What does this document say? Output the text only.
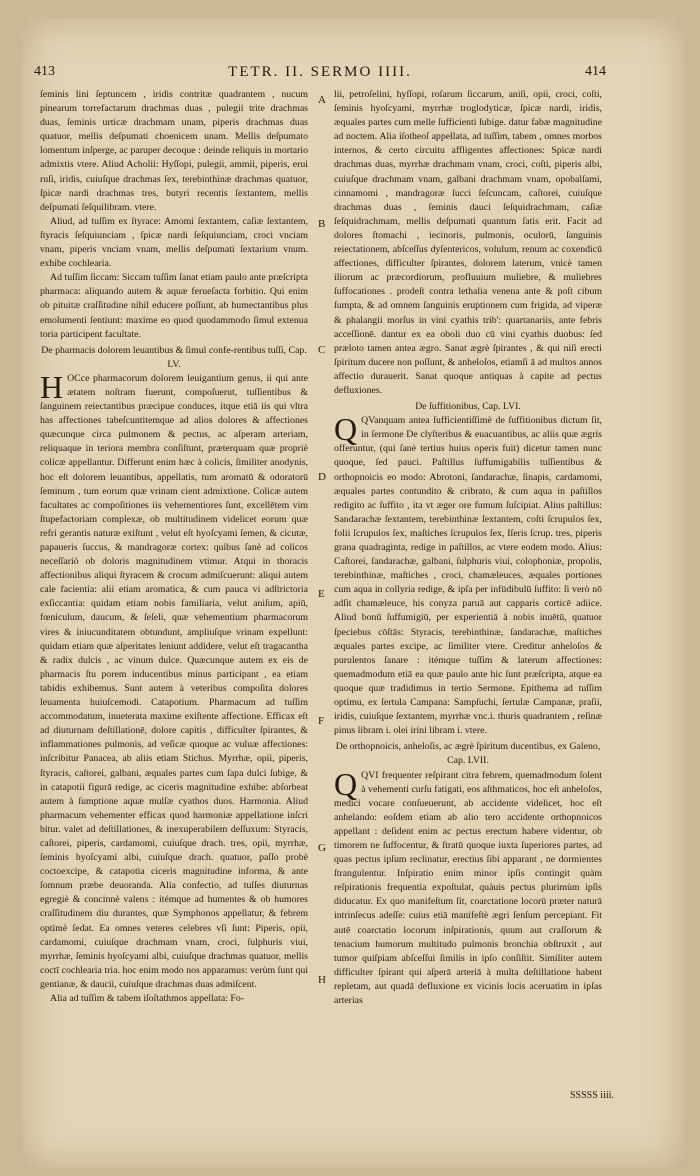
413	TETR. II. SERMO IIII.	414

ſeminis lini ſeptuncem , iridis contritæ quadrantem , nucum pinearum torrefactarum drachmas duas , pulegii trite drachmas duas, ſeminis urticæ drachmam unam, piperis drachmas duas quatuor, mellis deſpumati choenicem unam. Mellis deſpumato lomentum inſperge, ac paruper decoque : deinde reliquis in mortario admixtis vtere. Aliud Acholii: Hyſſopi, pulegii, ammii, piperis, erui ruſi, iridis, cuiuſque drachmas ſex, terebinthinæ drachmas quatuor, ſpicæ nardi drachmas tres, butyri recentis ſextantem, mellis deſpumati ſeſquilibram. vtere.

Aliud, ad tuſſim ex ſtyrace: Amomi ſextantem, caſiæ ſextantem, ſtyracis ſeſquiunciam , ſpicæ nardi ſeſquiunciam, croci vnciam vnam, piperis vnciam vnam, mellis deſpumati ſextarium vnum. exhibe cochlearia.

Ad tuſſim ſiccam: Siccam tuſſim ſanat etiam paulo ante præſcripta pharmaca: aliquando autem & aquæ ferueſacta forbitio. Qui enim ob pituitæ craſſitudine nihil educere poſſunt, ab humectantibus plus emolumenti ſentiunt: maxime eo quod quodammodo ſimul extenua toria participent facultate.

De pharmacis dolorem leuantibus & ſimul confe-rentibus tuſſi, Cap. LV.

H OCce pharmacorum dolorem leuigantium genus, ii qui ante ætatem noſtram fuerunt, compoſuerut, tuſſientibus & ſanguinem reiectantibus præcipue conduces, itque etiā iis qui vltra has affectiones tabeſcuntitemque ad alios dolores & affectiones quæcunque circa pulmonem & pectus, ac aſperam arteriam, reliquaque in teriora membra conſiſtunt, præterquam quæ propriè colicæ appellantur. Differunt enim hæc à colicis, ſimiliter anodynis, hoc eſt dolorem leuantibus, appellatis, tum aromatū & odoratorū ſeminum , tum eorum quæ vrinam cient admixtione. Colicæ autem facultates ac compoſitiones iis vehementiores ſunt, excellētem vim ſtupefactoriam complexæ, ob multitudinem videlicet eorum quæ refri gerantis naturæ exiſtunt , velut eſt hyoſcyami ſemen, & cicutæ, papaueris ſuccus, & mandragoræ cortex: quibus ſanè ad colicos neceſſariò ob doloris magnitudinem vtimur. Atqui in thoracis affectionibus aliqui ſtyracem & crocum admiſcuerunt: aliqui autem cale facientia: alii etiam aromatica, & cum pauca vi adſtrictoria exſiccantia: quidam etiam nobis familiaria, velut aniſum, apiū, fœniculum, daucum, & ſeſeli, quæ vehementium pharmacorum vires & iniucunditatem obtundunt, ampliuſque vrinam expellunt: quidam etiam quæ aſperitates leniunt addidere, velut eſt tragacantha & radix dulcis , ac vinum dulce. Quæcunque autem ex eis de pharmacis ſtu porem inducentibus minus participant , ea etiam tabidis exhibemus. Sunt autem à veteribus compoſita dolores leuamenta huiuſcemodi. Catapotium. Pharmacum ad tuſſim accommodatum, inueterata maxime exiſtente affectione. Efficax eſt ad diuturnam deſtillationē, dolore capitis , difficulter ſpirantes, & inflammationes pulmonis, ad veſicæ quoque ac vuluæ affectiones: inſcribitur Panacea, ab aliis etiam Stichus. Myrrhæ, opii, piperis, ſtyracis, caſtorei, galbani, æquales partes cum ſapa dulci ſubige, & in catapotii figurā redige, ac ciceris magnitudine exhibe: abſorbeat autem à ſumptione aquæ mulſæ cyathos duos. Harmonia. Aliud pharmacum vehementer efficax quod harmoniæ appellatione inſcri bitur. valet ad deſtillationes, & inexuperabilem deſſuxum: Styracis, caſtorei, piperis, cardamomi, cuiuſque drach. tres, opii, myrrhæ, ſeminis hyoſcyami albi, cuiuſque drach. quatuor, paſſo probè coctoexcipe, & catapotia ciceris magnitudine informa, & ante ſomnum præbe deuoranda. Alia confectio, ad tuſſes diuturnas egregiè & concinnè valens : itémque ad humentes & ob humores craſſitudinem diu durantes, quæ Symphonos appellatur, & febrem optimè ſedat. Ea omnes veteres celebres vſi ſunt: Piperis, opii, cardamomi, cuiuſque drachmam vnam, croci, ſulphuris viui, myrrhæ, ſeminis hyoſcyami albi, cuiuſque drachmas quatuor, mellis coctī cochlearia tria. hoc enim modo nos apparamus: verùm ſunt qui gentianæ, & daucii, cuiuſque drachmas duas admiſcent.

Alia ad tuſſim & tabem iſoſtathmos appellata: Fo-

A
B
C
D
E
F
G
H

lii, petroſelini, hyſſopi, roſarum ſiccarum, aniſi, opii, croci, coſti, ſeminis hyoſcyami, myrrhæ troglodyticæ, ſpicæ nardi, iridis, æquales partes cum melle ſufficienti ſubige. datur fabæ magnitudine ad noctem. Alia iſotheoſ appellata, ad tuſſim, tabem , omnes morbos internos, & certo circuitu affligentes affectiones: Spicæ nardi drachmas duas, myrrhæ drachmam vnam, croci, coſti, piperis albi, cuiuſque drachmam vnam, galbani drachmam vnam, opobalſami, cinnamomi , mandragoræ ſucci ſeſcuncam, caſtorei, cuiuſque drachmas duas , ſeminis dauci ſeſquidrachmam, caſiæ ſeſquidrachmam, mellis deſpumati quantum ſatis erit. Facit ad dolores ſtomachi , iecinoris, pulmonis, oculorū, ſanguinis reiectationem, abſceſſus dyſentericos, volulum, renum ac coxendicū affectiones, difficulter ſpirantes, dolorem laterum, vnicè tamen iliorum ac præcordiorum, profluuium muliebre, & muliebres ſuffocationes . prodeſt contra lethalia venena ante & poſt cibum ſumpta, & ad omnem ſanguinis eruptionem cum frigida, ad viperæ & phalangii morſus in vini cyathis trib': quartanariis, ante febris acceſſionē. dantur ex ea oboli duo cū vini cyathis duobus: ſed præloto tamen antea ægro. Sanat ægrè ſpirantes , & qui niſi erecti ſpiritum ducere non poſſunt, & anheloſos, etiamſi ā ad multos annos affectio durauerit. Sanat quoque antiquas à capite ad pectus defluxiones.

De ſuffitionibus, Cap. LVI.

Q QVanquam antea ſufficientiſſimè de ſuffitionibus dictum ſit, in ſermone De clyſteribus & euacuantibus, ac aliis quæ ægris offeruntur, (qui ſanè tertius huius operis fuit) dicetur tamen nunc quoque, ſed pauci. Paſtillus ſuffumigabilis tuſſientibus & orthopnoicis eo modo: Abrotoni, ſandarachæ, ſinapis, cardamomi, æquales partes contundito & cribrato, & cum aqua in paſtillos redigito ac ſuffito , ita vt æger ore fumum ſuſcipiat. Alius paſtillus: Sandarachæ ſextantem, terebinthinæ ſextantem, coſti ſcrupulos ſex, folii ſcrupulos ſex, maſtiches ſcrupulos ſex, Iſeris ſcrup. tres, piperis grana quadraginta, redige in paſtillos, ac vtere eodem modo. Alius: Caſtorei, ſandarachæ, galbani, ſulphuris viui, colophoniæ, propolis, terebinthinæ, maſtiches , croci, chamæleuces, æquales portiones cum aqua in collyria redige, & ipſa per infūdibulū ſuffito: ſi verò nō adſit chamæleuce, his conyza paruā aut capparis corticē adiice. Aliud bonū ſuffumigiū, per experientiā à nobis inuētū, quatuor ſpeciebus cōſtās: Styracis, terebinthinæ, ſandarachæ, maſtiches æquales partes excipe, ac ſimiliter vtere. Creditur anheloſos & purulentos ſanare : itémque tuſſim & laterum affectiones: quemadmodum etiā ea quæ paulo ante hic ſunt præſcripta, atque ea quoque quæ tradidimus in tertio Sermone. Epithema ad tuſſim optimu, ex ſertula Campana: Sampſuchi, ſertulæ Campanæ, praſii, iridis, cuiuſque ſextantem, myrrhæ vnc.i. thuris quadrantem , reſinæ pinus libram i. olei irini libram i. vtere.

De orthopnoicis, anheloſis, ac ægrè ſpiritum ducentibus, ex Galeno, Cap. LVII.

QQVI frequenter reſpirant citra febrem, quemadmodum ſolent à vehementi curſu fatigati, eos aſthmaticos, hoc eſt anheloſos, medici vocare conſueuerunt, ab accidente videlicet, hoc eſt anhelando: eoſdem etiam ab alio tero accidente orthopnoicos appellant : deſident enim ac pectus erectum habere videntur, ob timorem ne ſuffocentur, & ſtratū quoque iuxta ſuperiores partes, ad quas pectus ipſum reclinatur, erectius ſibi apparant , ne dormientes ſtrangulentur. Inſpiratio enim minor ipſis contingit quàm reſpirationis frequentia expoſtulat, quàuis pectus plurimùm ipſis diducatur. Ex quo manifeſtum ſit, coarctatione locorū præter naturā intrinſecus adeſſe: cuius etiā manifeſtè ægri ſenſum percepiant. Fit autē coarctatio locorum inſpirationis, quum aut craſſorum & tenacium humorum multitudo pulmonis bronchia obſtruxit , aut tumor quiſpiam abſceſſui ſimilis in ipſo conſiſtit. Similiter autem difficulter ſpirant qui aſperā arteriā à multa deſtillatione habent repletam, aut quadā defluxione ex vicinis locis aceruatim in ipſas arterias

SSSSS iiii.
